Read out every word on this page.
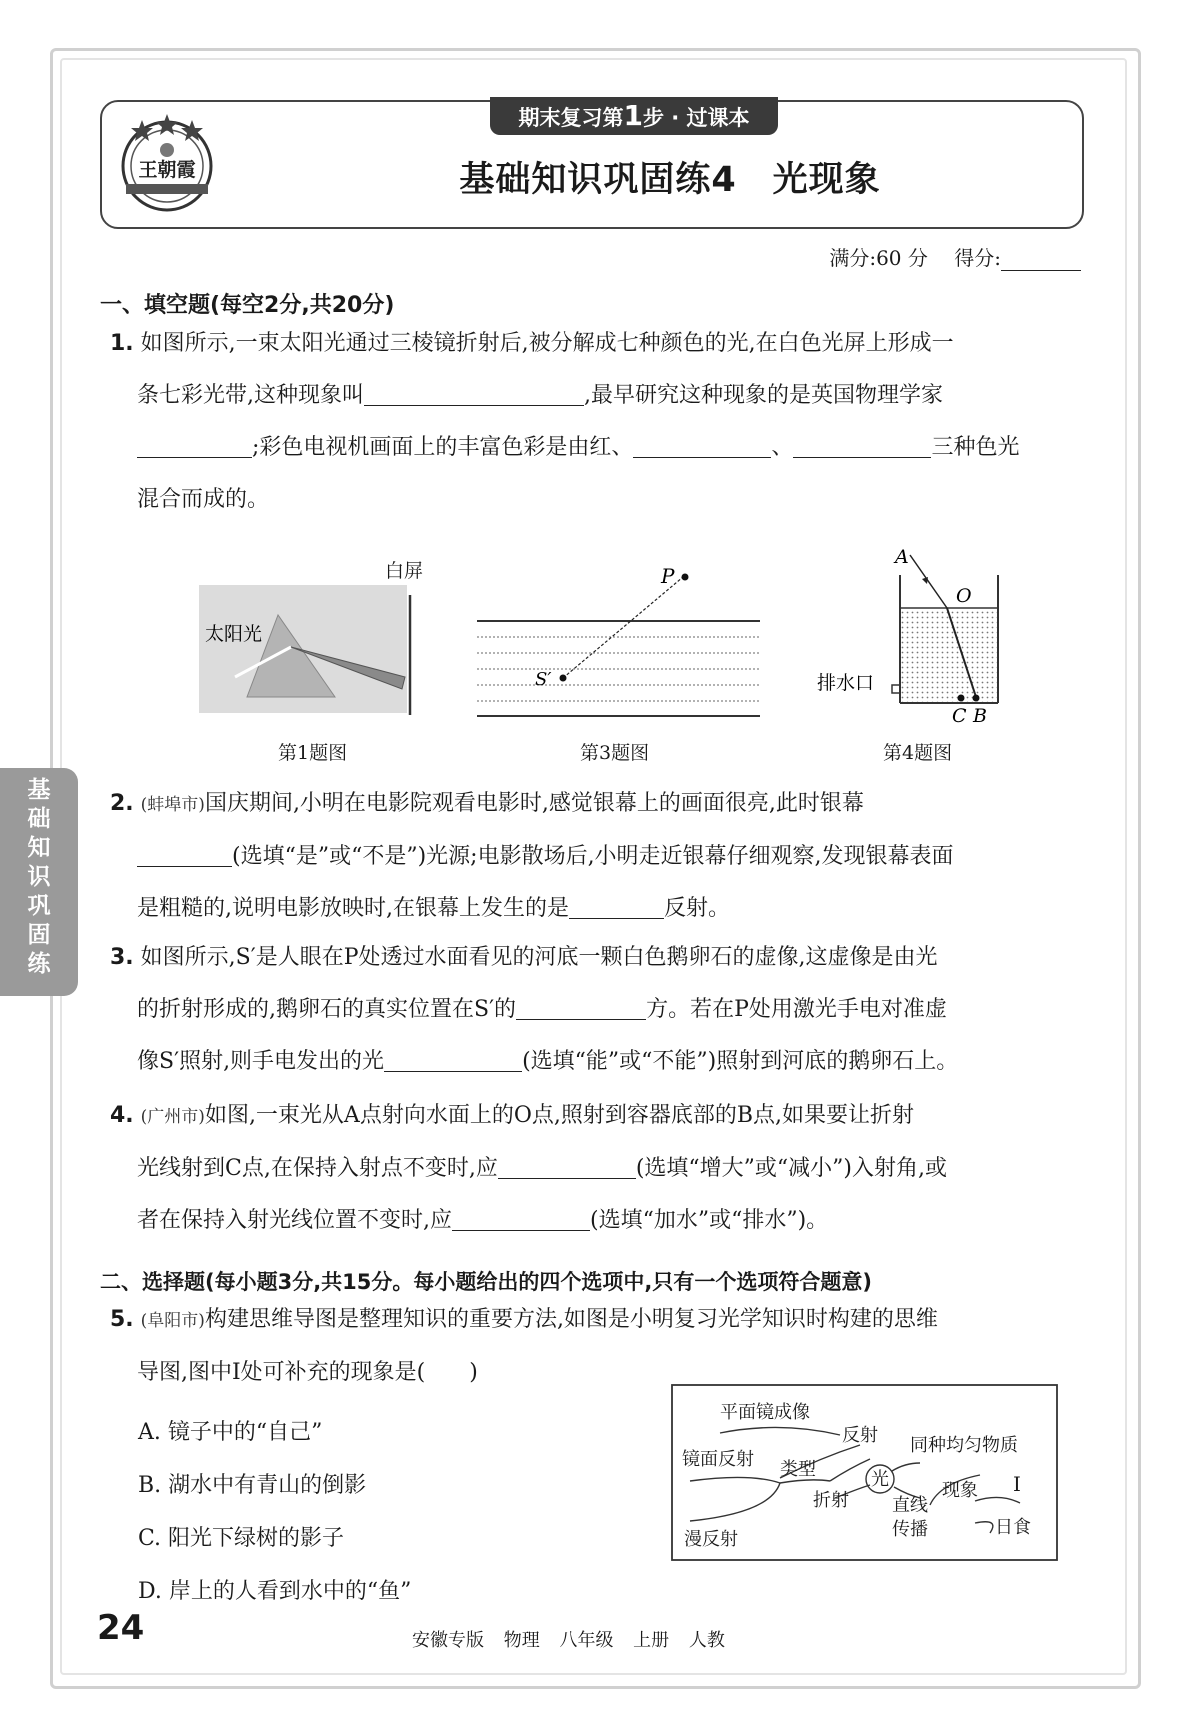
王朝霞
期末复习第1步 · 过课本
基础知识巩固练4　光现象
满分:60 分　 得分:
基
础
知
识
巩
固
练
一、填空题(每空2分,共20分)
1. 如图所示,一束太阳光通过三棱镜折射后,被分解成七种颜色的光,在白色光屏上形成一
条七彩光带,这种现象叫	,最早研究这种现象的是英国物理学家
;彩色电视机画面上的丰富色彩是由红、	、	三种色光
混合而成的。
太阳光
白屏
第1题图
P
S′
第3题图
A
O
C B
排水口
第4题图
2. (蚌埠市)国庆期间,小明在电影院观看电影时,感觉银幕上的画面很亮,此时银幕
(选填“是”或“不是”)光源;电影散场后,小明走近银幕仔细观察,发现银幕表面
是粗糙的,说明电影放映时,在银幕上发生的是	反射。
3. 如图所示,S′是人眼在P处透过水面看见的河底一颗白色鹅卵石的虚像,这虚像是由光
的折射形成的,鹅卵石的真实位置在S′的	方。若在P处用激光手电对准虚
像S′照射,则手电发出的光	(选填“能”或“不能”)照射到河底的鹅卵石上。
4. (广州市)如图,一束光从A点射向水面上的O点,照射到容器底部的B点,如果要让折射
光线射到C点,在保持入射点不变时,应	(选填“增大”或“减小”)入射角,或
者在保持入射光线位置不变时,应	(选填“加水”或“排水”)。
二、选择题(每小题3分,共15分。每小题给出的四个选项中,只有一个选项符合题意)
5. (阜阳市)构建思维导图是整理知识的重要方法,如图是小明复习光学知识时构建的思维
导图,图中Ⅰ处可补充的现象是(　　)
A. 镜子中的“自己”
B. 湖水中有青山的倒影
C. 阳光下绿树的影子
D. 岸上的人看到水中的“鱼”
平面镜成像
反射
镜面反射 类型
漫反射
折射
光
同种均匀物质
现象 Ⅰ
直线
传播	日食
24	安徽专版 物理 八年级 上册 人教
